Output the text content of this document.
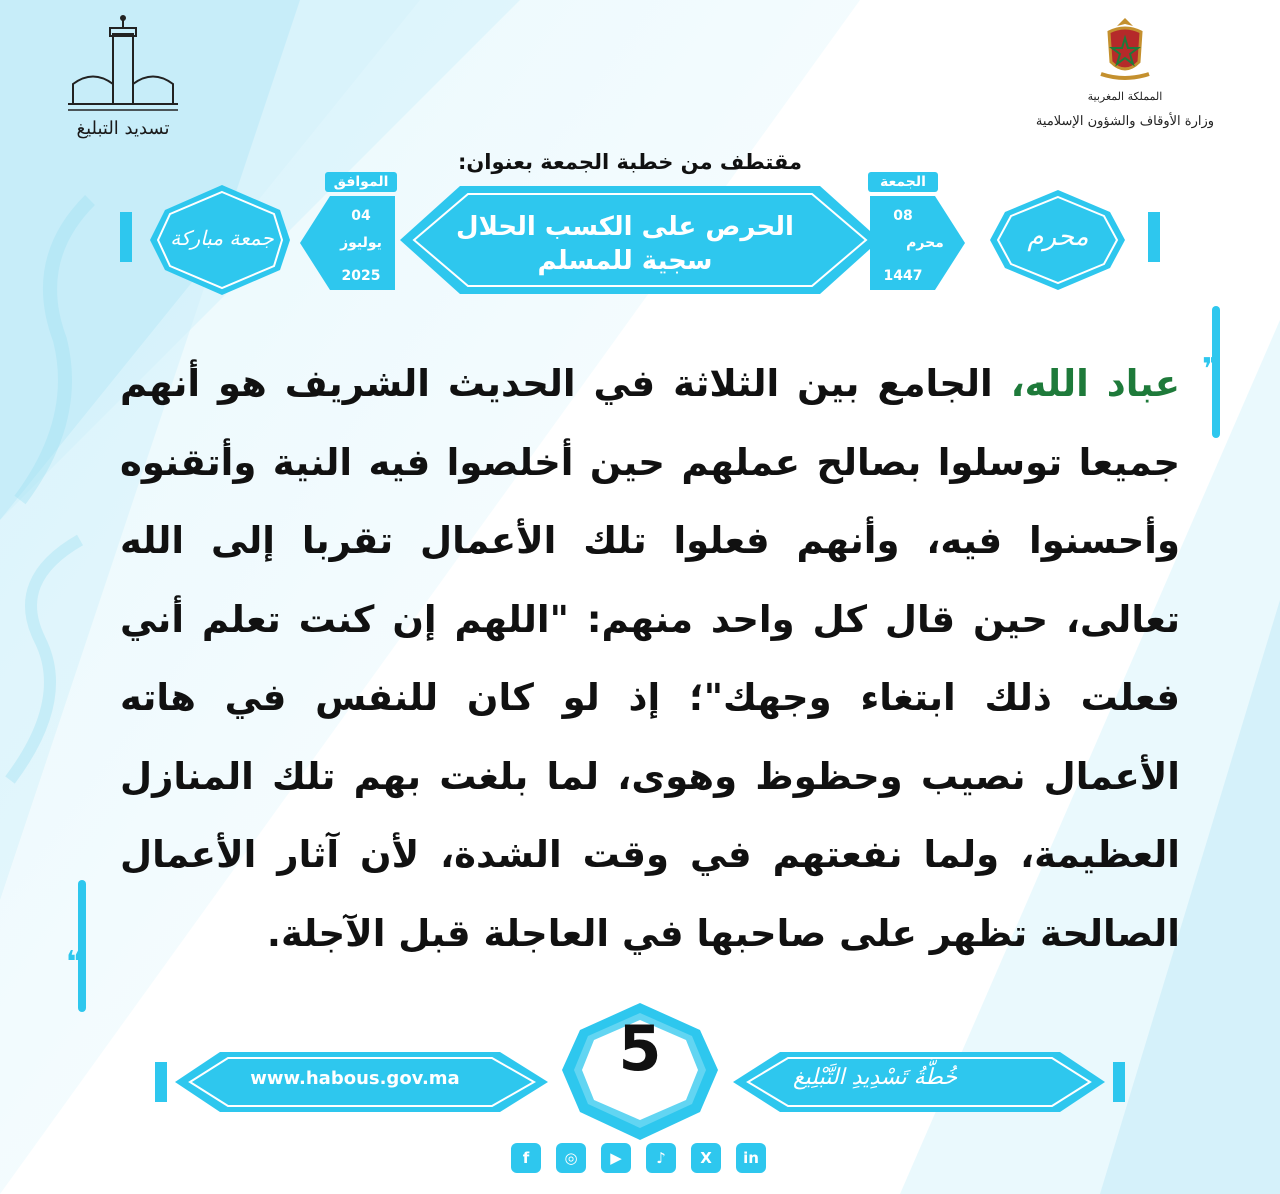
تسديد التبليغ
المملكة المغربية
وزارة الأوقاف والشؤون الإسلامية
مقتطف من خطبة الجمعة بعنوان:
الحرص على الكسب الحلال
سجية للمسلم
الموافق
04
يوليوز
2025
الجمعة
08
محرم
1447
محرم
جمعة مباركة
❞
❝
عباد الله، الجامع بين الثلاثة في الحديث الشريف هو أنهم جميعا توسلوا بصالح عملهم حين أخلصوا فيه النية وأتقنوه وأحسنوا فيه، وأنهم فعلوا تلك الأعمال تقربا إلى الله تعالى، حين قال كل واحد منهم: "اللهم إن كنت تعلم أني فعلت ذلك ابتغاء وجهك"؛ إذ لو كان للنفس في هاته الأعمال نصيب وحظوظ وهوى، لما بلغت بهم تلك المنازل العظيمة، ولما نفعتهم في وقت الشدة، لأن آثار الأعمال الصالحة تظهر على صاحبها في العاجلة قبل الآجلة.
www.habous.gov.ma	5	خُطَّةُ تَسْدِيدِ التَّبْلِيغ
f	◎	▶	♪	X	in
